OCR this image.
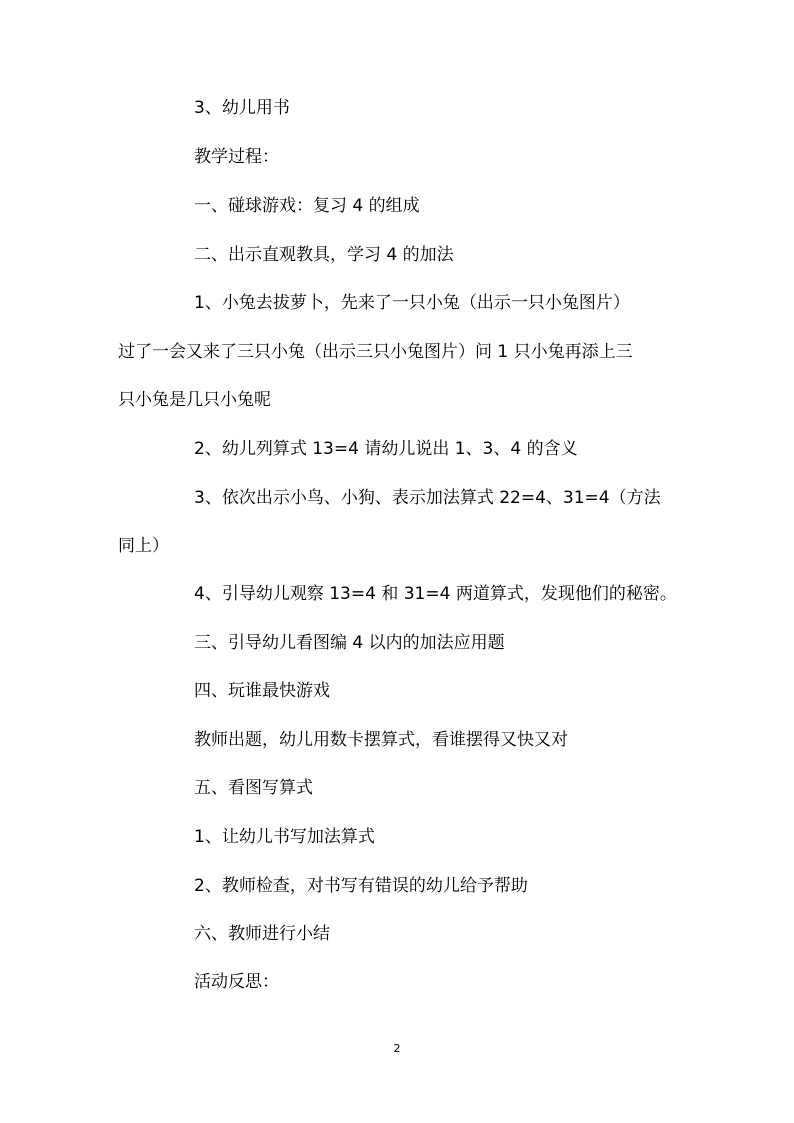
3、幼儿用书
教学过程：
一、碰球游戏：复习 4 的组成
二、出示直观教具，学习 4 的加法
1、小兔去拔萝卜，先来了一只小兔（出示一只小兔图片）
过了一会又来了三只小兔（出示三只小兔图片）问 1 只小兔再添上三
只小兔是几只小兔呢
2、幼儿列算式 13=4 请幼儿说出 1、3、4 的含义
3、依次出示小鸟、小狗、表示加法算式 22=4、31=4（方法
同上）
4、引导幼儿观察 13=4 和 31=4 两道算式，发现他们的秘密。
三、引导幼儿看图编 4 以内的加法应用题
四、玩谁最快游戏
教师出题，幼儿用数卡摆算式，看谁摆得又快又对
五、看图写算式
1、让幼儿书写加法算式
2、教师检查，对书写有错误的幼儿给予帮助
六、教师进行小结
活动反思：
2
